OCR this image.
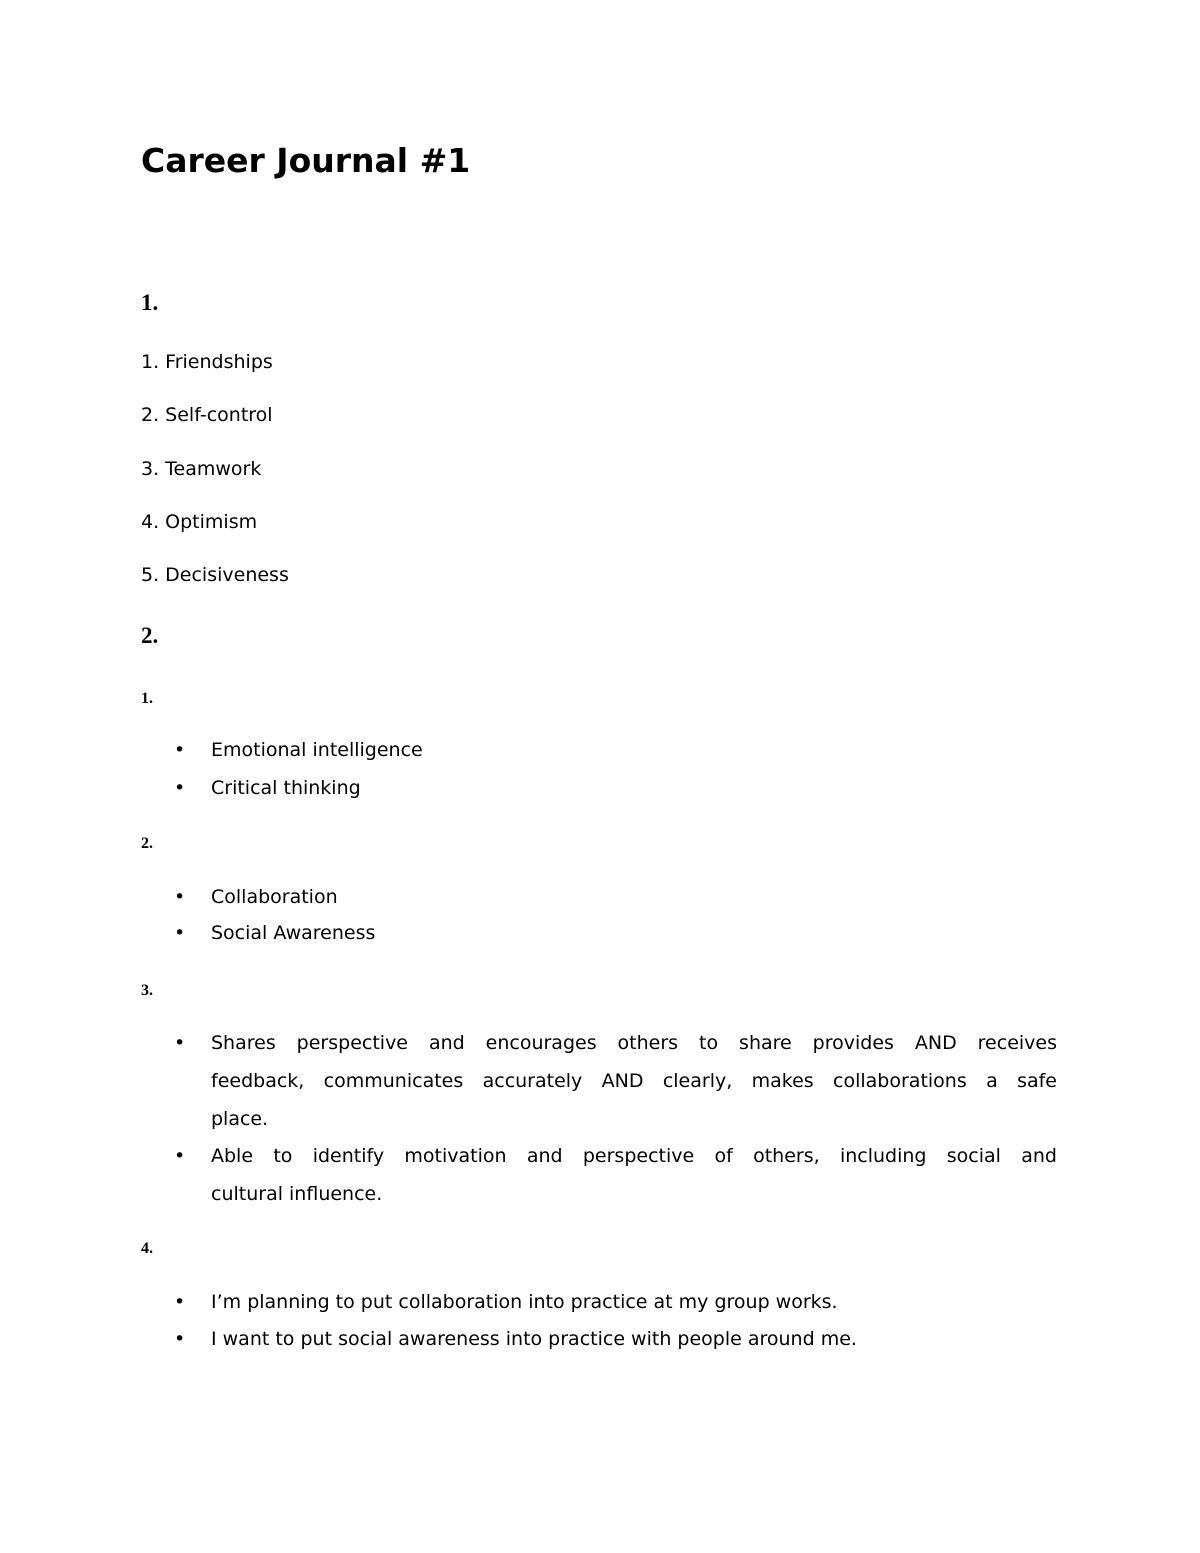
Career Journal #1
1.
1. Friendships
2. Self-control
3. Teamwork
4. Optimism
5. Decisiveness
2.
1.
• Emotional intelligence
• Critical thinking
2.
• Collaboration
• Social Awareness
3.
• Shares perspective and encourages others to share provides AND receives
feedback, communicates accurately AND clearly, makes collaborations a safe
place.
• Able to identify motivation and perspective of others, including social and
cultural influence.
4.
• I’m planning to put collaboration into practice at my group works.
• I want to put social awareness into practice with people around me.
